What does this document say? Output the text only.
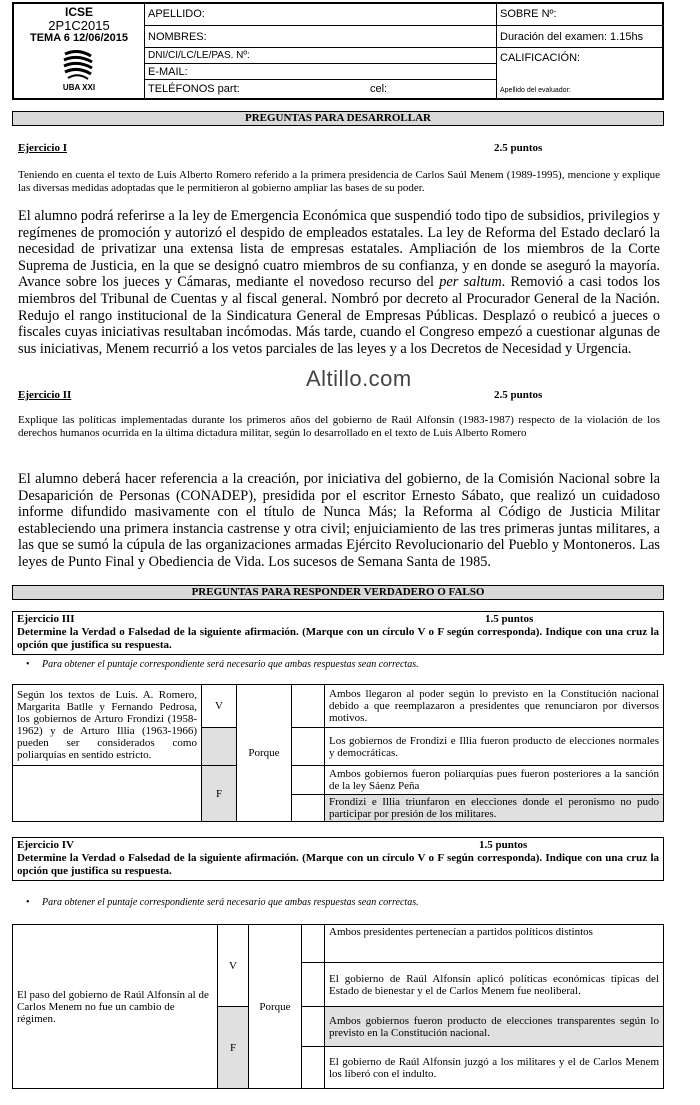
ICSE
2P1C2015
TEMA 6 12/06/2015
UBA XXI
APELLIDO:
NOMBRES:
DNI/CI/LC/LE/PAS. Nº:
E-MAIL:
TELÉFONOS part:	cel:
SOBRE Nº:
Duración del examen: 1.15hs
CALIFICACIÓN:
Apellido del evaluador:
PREGUNTAS PARA DESARROLLAR
Ejercicio I	2.5 puntos
Teniendo en cuenta el texto de Luis Alberto Romero referido a la primera presidencia de Carlos Saúl Menem (1989-1995), mencione y explique las diversas medidas adoptadas que le permitieron al gobierno ampliar las bases de su poder.
El alumno podrá referirse a la ley de Emergencia Económica que suspendió todo tipo de subsidios, privilegios y regímenes de promoción y autorizó el despido de empleados estatales. La ley de Reforma del Estado declaró la necesidad de privatizar una extensa lista de empresas estatales. Ampliación de los miembros de la Corte Suprema de Justicia, en la que se designó cuatro miembros de su confianza, y en donde se aseguró la mayoría. Avance sobre los jueces y Cámaras, mediante el novedoso recurso del per saltum. Removió a casi todos los miembros del Tribunal de Cuentas y al fiscal general. Nombró por decreto al Procurador General de la Nación. Redujo el rango institucional de la Sindicatura General de Empresas Públicas. Desplazó o reubicó a jueces o fiscales cuyas iniciativas resultaban incómodas. Más tarde, cuando el Congreso empezó a cuestionar algunas de sus iniciativas, Menem recurrió a los vetos parciales de las leyes y a los Decretos de Necesidad y Urgencia.
Altillo.com
Ejercicio II	2.5 puntos
Explique las políticas implementadas durante los primeros años del gobierno de Raúl Alfonsín (1983-1987) respecto de la violación de los derechos humanos ocurrida en la última dictadura militar, según lo desarrollado en el texto de Luis Alberto Romero
El alumno deberá hacer referencia a la creación, por iniciativa del gobierno, de la Comisión Nacional sobre la Desaparición de Personas (CONADEP), presidida por el escritor Ernesto Sábato, que realizó un cuidadoso informe difundido masivamente con el título de Nunca Más; la Reforma al Código de Justicia Militar estableciendo una primera instancia castrense y otra civil; enjuiciamiento de las tres primeras juntas militares, a las que se sumó la cúpula de las organizaciones armadas Ejército Revolucionario del Pueblo y Montoneros. Las leyes de Punto Final y Obediencia de Vida. Los sucesos de Semana Santa de 1985.
PREGUNTAS PARA RESPONDER VERDADERO O FALSO
Ejercicio III	1.5 puntos
Determine la Verdad o Falsedad de la siguiente afirmación. (Marque con un círculo V o F según corresponda). Indique con una cruz la opción que justifica su respuesta.
• Para obtener el puntaje correspondiente será necesario que ambas respuestas sean correctas.
Según los textos de Luis. A. Romero, Margarita Batlle y Fernando Pedrosa, los gobiernos de Arturo Frondizi (1958-1962) y de Arturo Illia (1963-1966) pueden ser considerados como poliarquías en sentido estricto.	V	Porque		Ambos llegaron al poder según lo previsto en la Constitución nacional debido a que reemplazaron a presidentes que renunciaron por diversos motivos.
				Los gobiernos de Frondizi e Illia fueron producto de elecciones normales y democráticas.
	F			Ambos gobiernos fueron poliarquías pues fueron posteriores a la sanción de la ley Sáenz Peña
				Frondizi e Illia triunfaron en elecciones donde el peronismo no pudo participar por presión de los militares.
Ejercicio IV	1.5 puntos
Determine la Verdad o Falsedad de la siguiente afirmación. (Marque con un círculo V o F según corresponda). Indique con una cruz la opción que justifica su respuesta.
• Para obtener el puntaje correspondiente será necesario que ambas respuestas sean correctas.
El paso del gobierno de Raúl Alfonsín al de Carlos Menem no fue un cambio de régimen.	V	Porque		Ambos presidentes pertenecían a partidos políticos distintos
				El gobierno de Raúl Alfonsín aplicó políticas económicas típicas del Estado de bienestar y el de Carlos Menem fue neoliberal.
	F			Ambos gobiernos fueron producto de elecciones transparentes según lo previsto en la Constitución nacional.
				El gobierno de Raúl Alfonsín juzgó a los militares y el de Carlos Menem los liberó con el indulto.
